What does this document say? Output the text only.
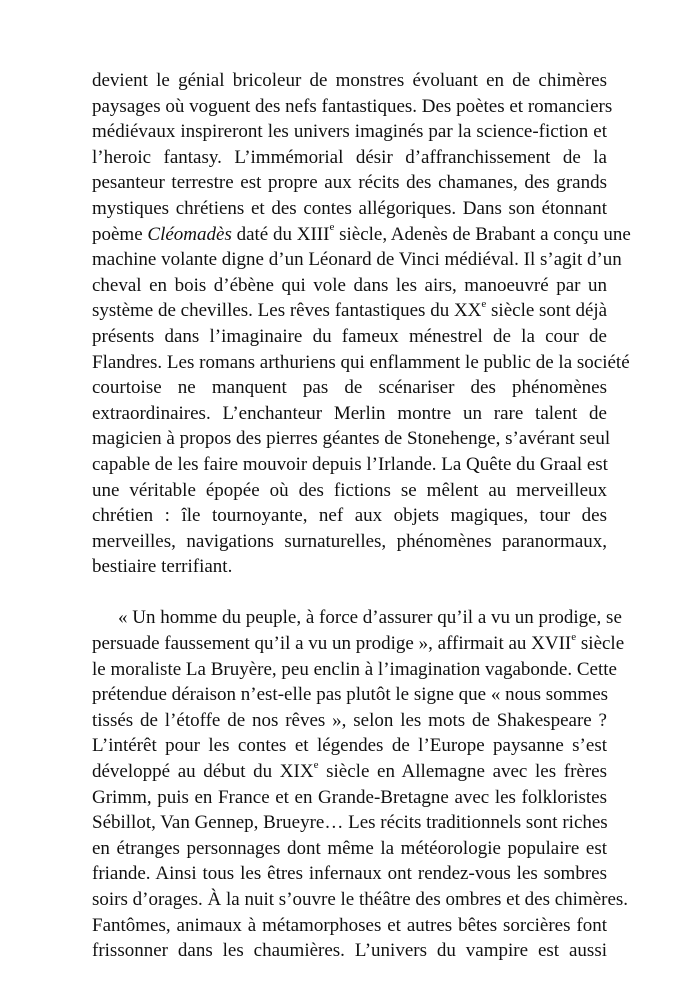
devient le génial bricoleur de monstres évoluant en de chimères
paysages où voguent des nefs fantastiques. Des poètes et romanciers
médiévaux inspireront les univers imaginés par la science-fiction et
l’heroic fantasy. L’immémorial désir d’affranchissement de la
pesanteur terrestre est propre aux récits des chamanes, des grands
mystiques chrétiens et des contes allégoriques. Dans son étonnant
poème Cléomadès daté du XIIIe siècle, Adenès de Brabant a conçu une
machine volante digne d’un Léonard de Vinci médiéval. Il s’agit d’un
cheval en bois d’ébène qui vole dans les airs, manoeuvré par un
système de chevilles. Les rêves fantastiques du XXe siècle sont déjà
présents dans l’imaginaire du fameux ménestrel de la cour de
Flandres. Les romans arthuriens qui enflamment le public de la société
courtoise ne manquent pas de scénariser des phénomènes
extraordinaires. L’enchanteur Merlin montre un rare talent de
magicien à propos des pierres géantes de Stonehenge, s’avérant seul
capable de les faire mouvoir depuis l’Irlande. La Quête du Graal est
une véritable épopée où des fictions se mêlent au merveilleux
chrétien : île tournoyante, nef aux objets magiques, tour des
merveilles, navigations surnaturelles, phénomènes paranormaux,
bestiaire terrifiant.
« Un homme du peuple, à force d’assurer qu’il a vu un prodige, se
persuade faussement qu’il a vu un prodige », affirmait au XVIIe siècle
le moraliste La Bruyère, peu enclin à l’imagination vagabonde. Cette
prétendue déraison n’est-elle pas plutôt le signe que « nous sommes
tissés de l’étoffe de nos rêves », selon les mots de Shakespeare ?
L’intérêt pour les contes et légendes de l’Europe paysanne s’est
développé au début du XIXe siècle en Allemagne avec les frères
Grimm, puis en France et en Grande-Bretagne avec les folkloristes
Sébillot, Van Gennep, Brueyre… Les récits traditionnels sont riches
en étranges personnages dont même la météorologie populaire est
friande. Ainsi tous les êtres infernaux ont rendez-vous les sombres
soirs d’orages. À la nuit s’ouvre le théâtre des ombres et des chimères.
Fantômes, animaux à métamorphoses et autres bêtes sorcières font
frissonner dans les chaumières. L’univers du vampire est aussi
